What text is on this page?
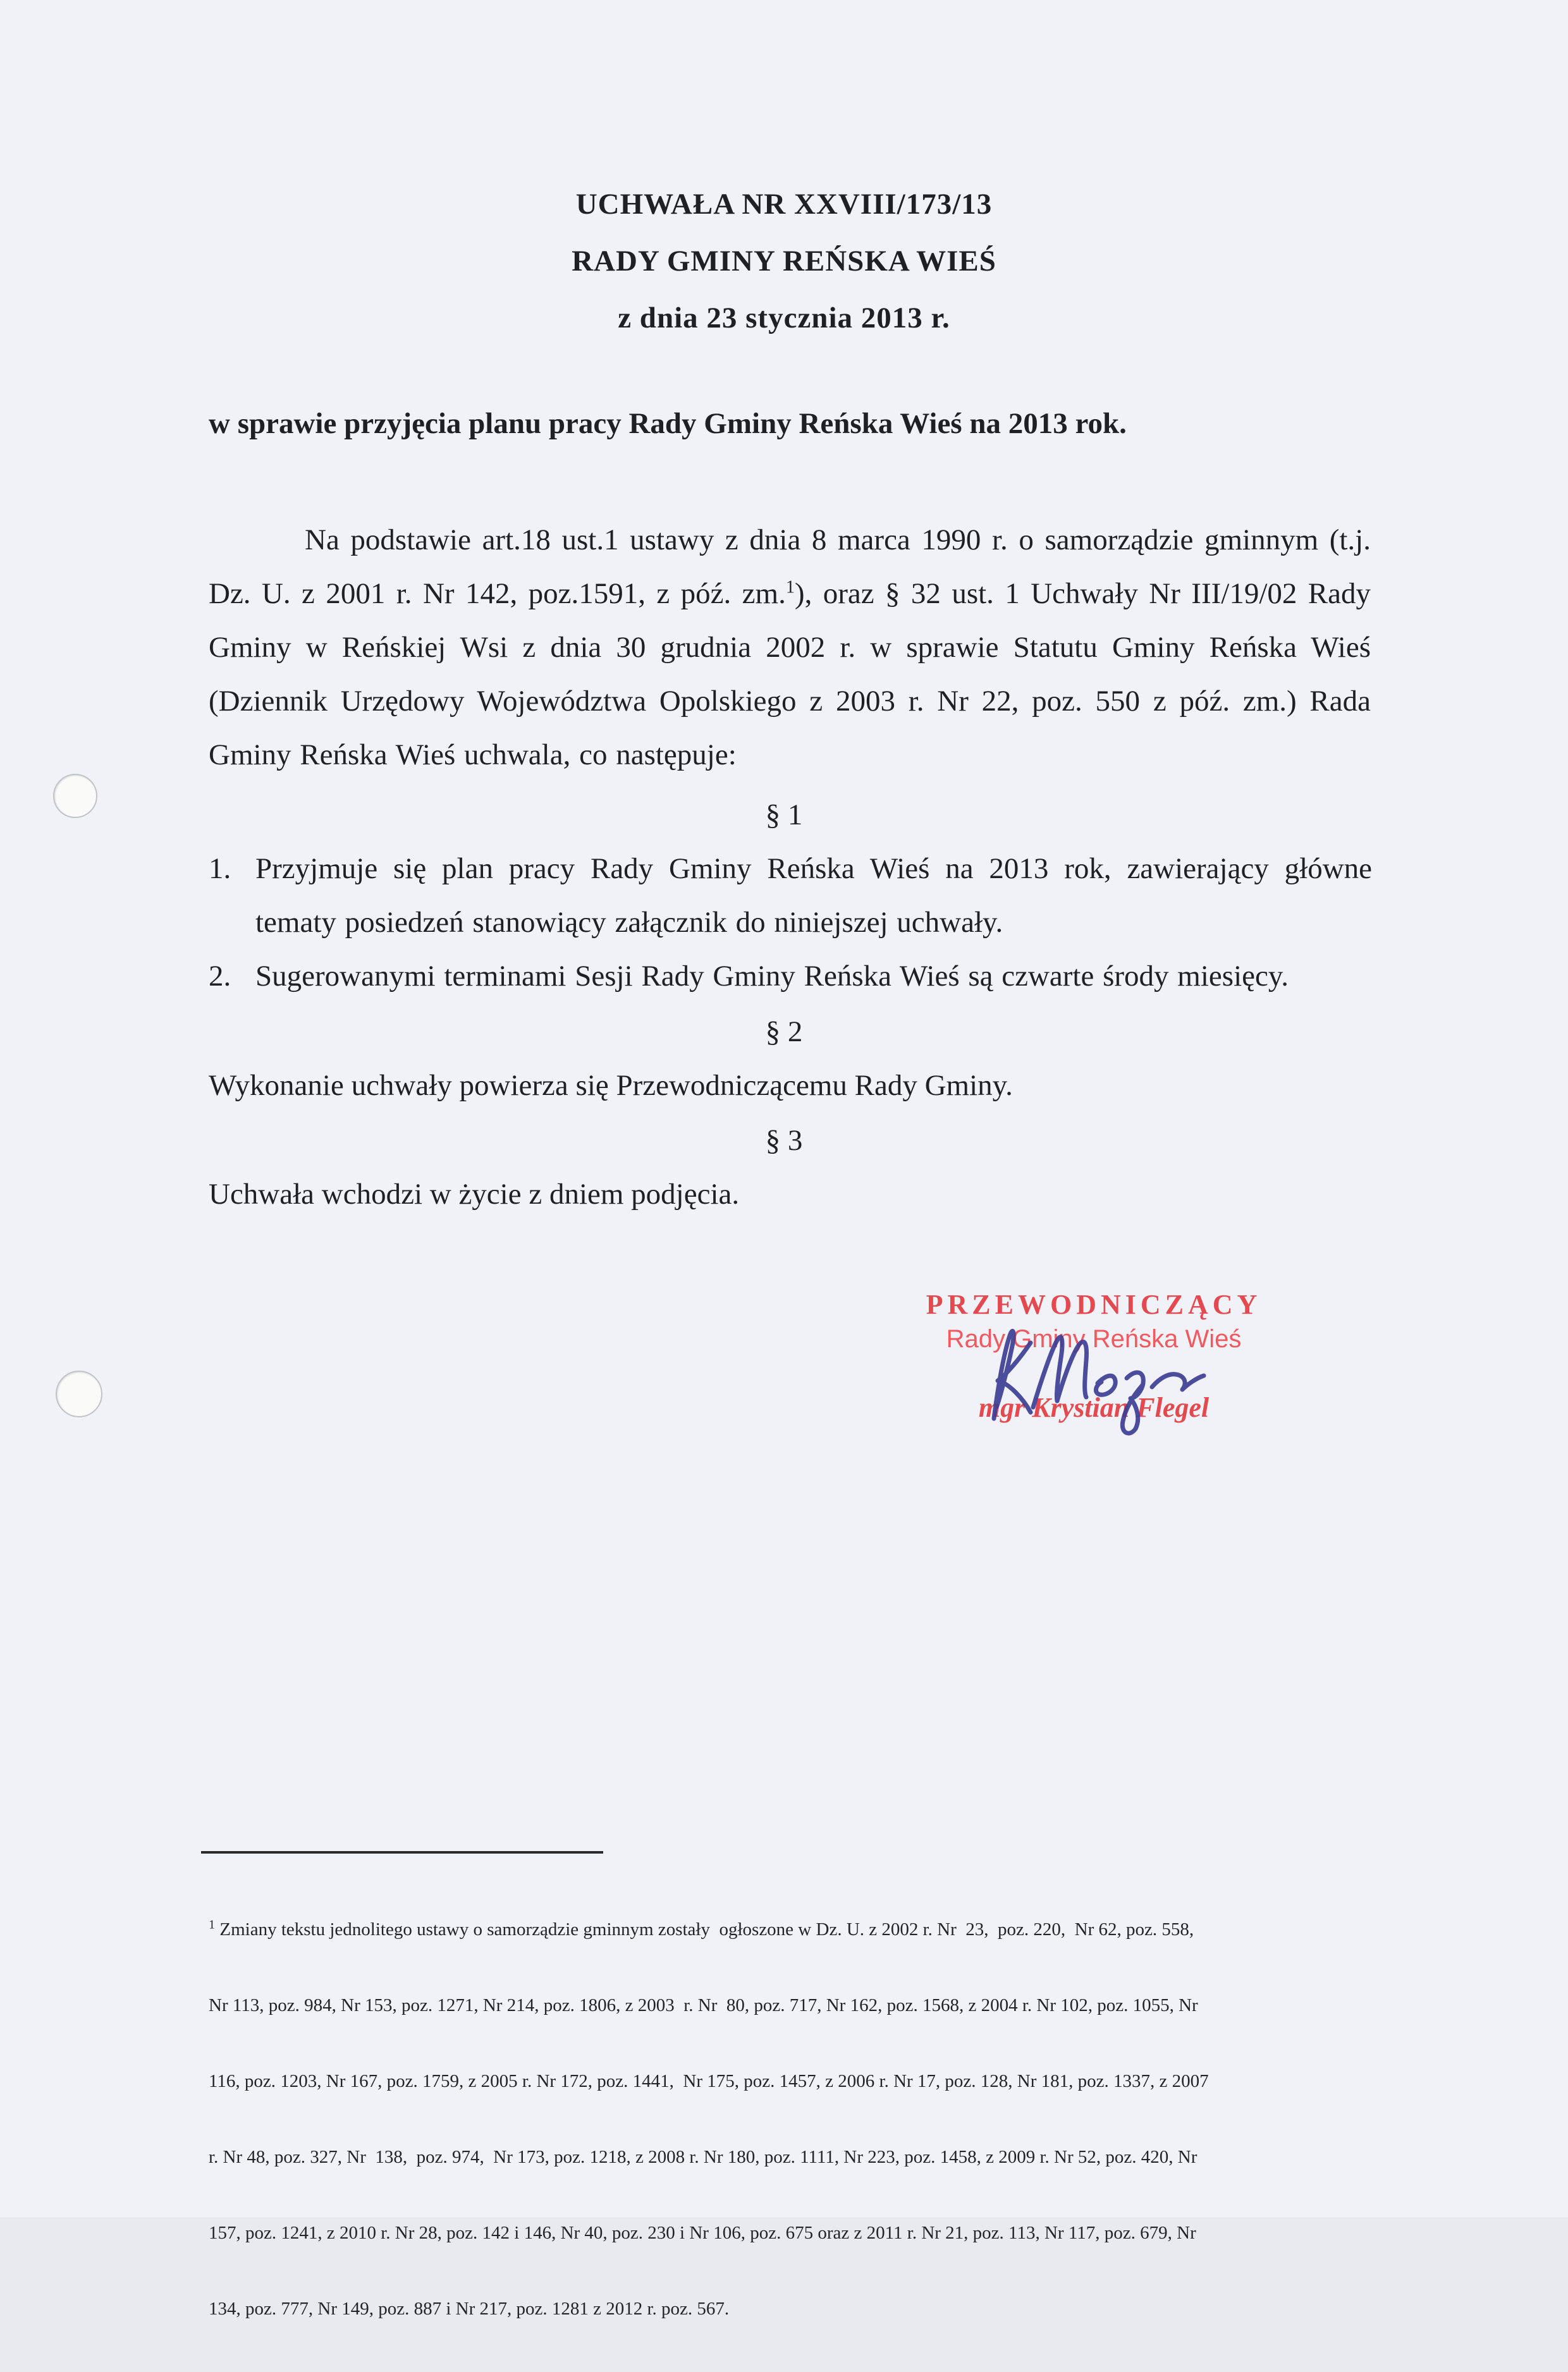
UCHWAŁA NR XXVIII/173/13
RADY GMINY REŃSKA WIEŚ
z dnia 23 stycznia 2013 r.
w sprawie przyjęcia planu pracy Rady Gminy Reńska Wieś na 2013 rok.
Na podstawie art.18 ust.1 ustawy z dnia 8 marca 1990 r. o samorządzie gminnym (t.j. Dz. U. z 2001 r. Nr 142, poz.1591, z póź. zm.$^1$), oraz § 32 ust. 1 Uchwały Nr III/19/02 Rady Gminy w Reńskiej Wsi z dnia 30 grudnia 2002 r. w sprawie Statutu Gminy Reńska Wieś (Dziennik Urzędowy Województwa Opolskiego z 2003 r. Nr 22, poz. 550 z póź. zm.) Rada Gminy Reńska Wieś uchwala, co następuje:
§ 1
1. Przyjmuje się plan pracy Rady Gminy Reńska Wieś na 2013 rok, zawierający główne tematy posiedzeń stanowiący załącznik do niniejszej uchwały.
2. Sugerowanymi terminami Sesji Rady Gminy Reńska Wieś są czwarte środy miesięcy.
§ 2
Wykonanie uchwały powierza się Przewodniczącemu Rady Gminy.
§ 3
Uchwała wchodzi w życie z dniem podjęcia.
PRZEWODNICZĄCY
Rady Gminy Reńska Wieś
mgr Krystian Flegel

$^1$ Zmiany tekstu jednolitego ustawy o samorządzie gminnym zostały  ogłoszone w Dz. U. z 2002 r. Nr  23,  poz. 220,  Nr 62, poz. 558,

Nr 113, poz. 984, Nr 153, poz. 1271, Nr 214, poz. 1806, z 2003  r. Nr  80, poz. 717, Nr 162, poz. 1568, z 2004 r. Nr 102, poz. 1055, Nr

116, poz. 1203, Nr 167, poz. 1759, z 2005 r. Nr 172, poz. 1441,  Nr 175, poz. 1457, z 2006 r. Nr 17, poz. 128, Nr 181, poz. 1337, z 2007

r. Nr 48, poz. 327, Nr  138,  poz. 974,  Nr 173, poz. 1218, z 2008 r. Nr 180, poz. 1111, Nr 223, poz. 1458, z 2009 r. Nr 52, poz. 420, Nr

157, poz. 1241, z 2010 r. Nr 28, poz. 142 i 146, Nr 40, poz. 230 i Nr 106, poz. 675 oraz z 2011 r. Nr 21, poz. 113, Nr 117, poz. 679, Nr

134, poz. 777, Nr 149, poz. 887 i Nr 217, poz. 1281 z 2012 r. poz. 567.
